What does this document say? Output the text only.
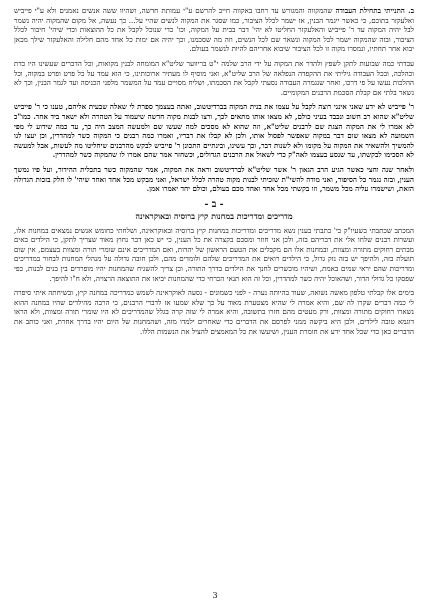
ב. התנייתי בתחילת העבודה שהמקווה והמגורש עד רחבו באקווה חייב להרשם ע"י עמותת חדשה, ושהיוו ששה אנשים נאמנים ולא ע"י פייביש ואלעקזר בתוכם, כי כאשר ייגמר הבנין, אז ישמר לכלל הציבור, כמו שסגר את המקוה לנשים שהיי על... כך נעשה, אל מקום שהמקוה יהיה נשמר לבל יהיה המקוה עד ר' פייביש והאלעקזר החליטו לא יהי' דבר בבית על המקוה, וכו' כדי שנוכל לקבל את כל ההוצאות וכדי שיהי' חיבור לכלל הציבור, ובזה שהמקוה ישמר לכל המקוה ונשאר שם לכל הנשים, וזה מה שסכמנו, וכך יהיה אם ימות כל אחד מהם חלילה והאלעקזר שילך מכאן יבוא אחר תחתיו, ונמסרו מקוה זו לכל הציבור שיבוא אחריהם להיות לנשמר בעולם.

עבדתי כמה שבועות לתקן לשפץ ולהדר את המקוה על ידי הרב שלמה י"ט בריווער שליט"א המומחה לבנין מקואות, וכל הדברים שעשינו היו כדת וכהלכה, ובכל העבודה גיליתי את ההקפדה הנפלאה של הרב שליט"א, ואני מוסיף לו מעתיר ארוכותינו, כי הוא עמד על כל פרט ופרט במקוה, וכל ההלכות נעשו על פי דרכו, ואחר שנגמרה העבודה נסעתי לקבל את הסכמתו, ושליח מסויים עמד על המשמר מלפני הכניסה ועד לגמר הבנין, וכך לא נשאר בלתי אם קבלת הסכמת הרבנים המקומיים.

ר' פייביש לא ידע שאני אינני רוצה לקבל על עצמו את בנית המקוה בברדיטשוב, ואתה בעצמך ספרת לי שאלה שבעית אליהם, טענו כי ר' פייביש שליט"א שהוא רב חשוב ונכבד בעיני כולם, לא מצאו אותו מתאים לכך, ורצו לבנות מקוה חדשה שיעמוד על הטהרה ולא ישאר ביד אחד. כמו"כ לא אמרו לי את המקוה הצגת שם לרבנים שליט"א, וזה שהוא לא מסכים למה שעשו שם ולמעשה המצב היה כך, עד כמה שידוע לי מפי השמועה לא מצאו שום דבר במקוה שאפשר לפסול אותו, ולכן לא קבלו את דבריו, ואמרו כמה רבנים כי המקוה כשר למהדרין, וכן יעצו לנו להמשיך ולהשאיר את המקוה על מקומו ולא לשנות דבר, וכך עשינו, ובינתיים התכונן ר' פייביש לבקש מהרבנים שיחליטו מה לעשות, אבל למעשה לא הסכימו לבקשתו, עד שנסע בעצמו לאה"ק כדי לשאול את הרבנים הגדולים, וכשחזר אמר שהם אמרו לו שהמקוה כשר למהדרין.

ולאחר שנה וחצי כאשר הגיע הרב הגאון ר' אשר שליט"א לברדיטשוב וראה את המקוה, אמר שהמקוה כשר בתכלית ההידור, ועל פיו נמשך הענין, ובזה נגמר כל הסיפור, ואני מודה להשי"ת שזכיתי לבנות מקוה טהרה לכלל ישראל, ואני מבקש מכל אחד ואחד שיהי' לו חלק בזכות הגדולה הזאת, ושישמרו עליה מכל משמר, וזו בקשתי מכל אחד ואחד מכם בעולם, וכולם יחד יאמרו אמן.

- ב -
מדריכים ומדריכות במחנות קיץ ברוסיה ובאוקראינה

המכתב שכתבתי בשעיו"ק בי' כתבתי בענין נשא מדריכים ומדריכות במחנות קיץ ברוסיה ובאוקראינה, ושלחתי כחומש אנשים נמצאים במחנות אלו, ועשרות רבנים שלחו אלי את דבריהם בזה, ולכן אני חוזר ומסכם בקצרה את כל הענין, כי יש כאן דבר נחוץ מאוד שצריך לתקן, כי הילדים באים מבתים רחוקים מתורה ומצוות, ובמחנות אלו הם מקבלים את הטעם הראשון של יהדות, ואם המדריכים אינם שומרי תורה ומצוות בעצמם, אין שום תועלת בזה, ולהיפך יש בזה נזק גדול, כי הילדים רואים את המדריכים שלהם ולומדים מהם, ולכן חובה גדולה על מנהלי המחנות לבחור במדריכים ומדריכות שהם יראי שמים באמת, ושיהיו מוכשרים לחנך את הילדים בדרך התורה, וכן צריך להשגיח שהמחנות יהיו מופרדים בין בנים לבנות, כפי שפסקו כל גדולי הדור, ושהאוכל יהיה כשר למהדרין, וכל זה הוא תנאי הכרחי כדי שהמחנות יביאו את התוצאה הרצויה, ולא ח"ו להיפך.

בימים אלו קבלתי טלפון מאשה נשואה, שעוד בהיותה נערה - לפני כשמונים - נסעה לאוקראינה לשמש כמדריכה במחנה קיץ, ובשיחתה איתי סיפרה לי כמה דברים שקרו לה שם, והיא אמרה לי שהיא מצטערת מאוד על כך שלא שמעו אז לדברי הרבנים, כי הרבה מהילדים שהיו במחנה ההוא נשארו רחוקים מתורה ומצוות, ורק מעטים מהם חזרו בתשובה, והיא אמרה לי שזה קרה בגלל שהמדריכים לא היו שומרי תורה ומצוות, ולא הראו דוגמא טובה לילדים, ולכן היא ביקשה ממני לפרסם את הדברים כדי שאחרים ילמדו מזה, ושהמחנות של היום יהיו בדרך אחרת, ואני כותב את הדברים כאן כדי שכל אחד ידע את חומרת הענין, ושיעשו את כל המאמצים להציל את הנשמות הללו.

3
